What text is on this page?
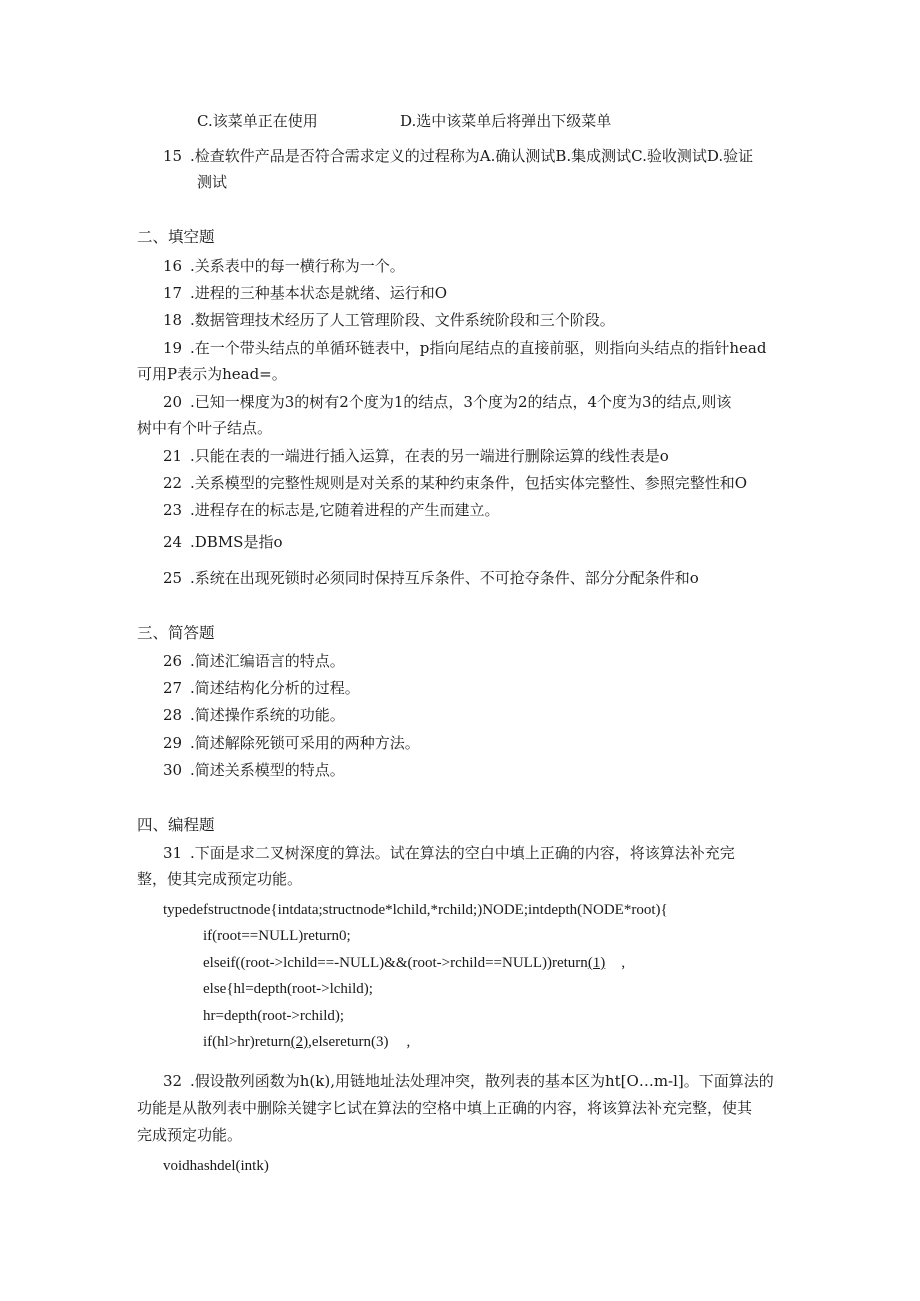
C.该菜单正在使用	D.选中该菜单后将弹出下级菜单
15 .检查软件产品是否符合需求定义的过程称为A.确认测试B.集成测试C.验收测试D.验证
测试
二、填空题
16 .关系表中的每一横行称为一个。
17 .进程的三种基本状态是就绪、运行和O
18 .数据管理技术经历了人工管理阶段、文件系统阶段和三个阶段。
19 .在一个带头结点的单循环链表中，p指向尾结点的直接前驱，则指向头结点的指针head
可用P表示为head=。
20 .已知一棵度为3的树有2个度为1的结点，3个度为2的结点，4个度为3的结点,则该
树中有个叶子结点。
21 .只能在表的一端进行插入运算，在表的另一端进行删除运算的线性表是o
22 .关系模型的完整性规则是对关系的某种约束条件，包括实体完整性、参照完整性和O
23 .进程存在的标志是,它随着进程的产生而建立。
24 .DBMS是指o
25 .系统在出现死锁时必须同时保持互斥条件、不可抢夺条件、部分分配条件和o
三、简答题
26 .简述汇编语言的特点。
27 .简述结构化分析的过程。
28 .简述操作系统的功能。
29 .简述解除死锁可采用的两种方法。
30 .简述关系模型的特点。
四、编程题
31 .下面是求二叉树深度的算法。试在算法的空白中填上正确的内容，将该算法补充完
整，使其完成预定功能。
typedefstructnode{intdata;structnode*lchild,*rchild;)NODE;intdepth(NODE*root){
if(root==NULL)return0;
elseif((root->lchild==-NULL)&&(root->rchild==NULL))return(1) ,
else{hl=depth(root->lchild);
hr=depth(root->rchild);
if(hl>hr)return(2),elsereturn(3) ,
32 .假设散列函数为h(k),用链地址法处理冲突，散列表的基本区为ht[O…m-l]。下面算法的
功能是从散列表中删除关键字匕试在算法的空格中填上正确的内容，将该算法补充完整，使其
完成预定功能。
voidhashdel(intk)
